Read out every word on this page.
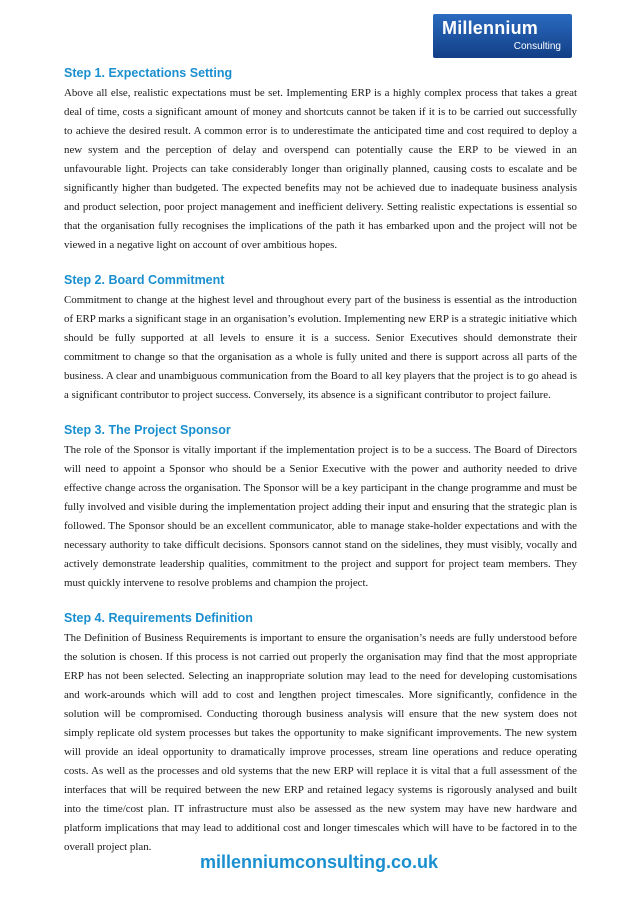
Millennium
Consulting
Step 1. Expectations Setting

Above all else, realistic expectations must be set. Implementing ERP is a highly complex process that takes a great deal of time, costs a significant amount of money and shortcuts cannot be taken if it is to be carried out successfully to achieve the desired result. A common error is to underestimate the anticipated time and cost required to deploy a new system and the perception of delay and overspend can potentially cause the ERP to be viewed in an unfavourable light. Projects can take considerably longer than originally planned, causing costs to escalate and be significantly higher than budgeted. The expected benefits may not be achieved due to inadequate business analysis and product selection, poor project management and inefficient delivery. Setting realistic expectations is essential so that the organisation fully recognises the implications of the path it has embarked upon and the project will not be viewed in a negative light on account of over ambitious hopes.

Step 2. Board Commitment

Commitment to change at the highest level and throughout every part of the business is essential as the introduction of ERP marks a significant stage in an organisation’s evolution. Implementing new ERP is a strategic initiative which should be fully supported at all levels to ensure it is a success. Senior Executives should demonstrate their commitment to change so that the organisation as a whole is fully united and there is support across all parts of the business. A clear and unambiguous communication from the Board to all key players that the project is to go ahead is a significant contributor to project success. Conversely, its absence is a significant contributor to project failure.

Step 3. The Project Sponsor

The role of the Sponsor is vitally important if the implementation project is to be a success. The Board of Directors will need to appoint a Sponsor who should be a Senior Executive with the power and authority needed to drive effective change across the organisation. The Sponsor will be a key participant in the change programme and must be fully involved and visible during the implementation project adding their input and ensuring that the strategic plan is followed. The Sponsor should be an excellent communicator, able to manage stake-holder expectations and with the necessary authority to take difficult decisions. Sponsors cannot stand on the sidelines, they must visibly, vocally and actively demonstrate leadership qualities, commitment to the project and support for project team members. They must quickly intervene to resolve problems and champion the project.

Step 4. Requirements Definition

The Definition of Business Requirements is important to ensure the organisation’s needs are fully understood before the solution is chosen. If this process is not carried out properly the organisation may find that the most appropriate ERP has not been selected. Selecting an inappropriate solution may lead to the need for developing customisations and work-arounds which will add to cost and lengthen project timescales. More significantly, confidence in the solution will be compromised. Conducting thorough business analysis will ensure that the new system does not simply replicate old system processes but takes the opportunity to make significant improvements. The new system will provide an ideal opportunity to dramatically improve processes, stream line operations and reduce operating costs. As well as the processes and old systems that the new ERP will replace it is vital that a full assessment of the interfaces that will be required between the new ERP and retained legacy systems is rigorously analysed and built into the time/cost plan. IT infrastructure must also be assessed as the new system may have new hardware and platform implications that may lead to additional cost and longer timescales which will have to be factored in to the overall project plan.

millenniumconsulting.co.uk
